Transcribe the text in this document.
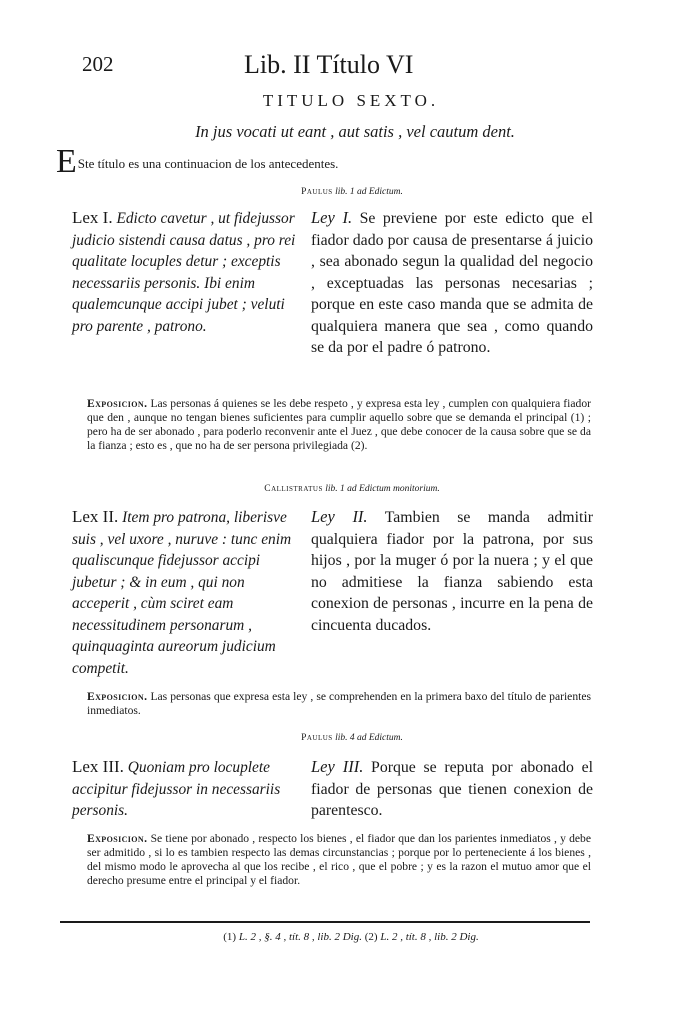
202	Lib. II Título VI
TITULO SEXTO.
In jus vocati ut eant , aut satis , vel cautum dent.
ESte título es una continuacion de los antecedentes.
Paulus lib. 1 ad Edictum.
Lex I. Edicto cavetur , ut fidejussor judicio sistendi causa datus , pro rei qualitate locuples detur ; exceptis necessariis personis. Ibi enim qualemcunque accipi jubet ; veluti pro parente , patrono.
Ley I. Se previene por este edicto que el fiador dado por causa de presentarse á juicio , sea abonado segun la qualidad del negocio , exceptuadas las personas necesarias ; porque en este caso manda que se admita de qualquiera manera que sea , como quando se da por el padre ó patrono.
Exposicion. Las personas á quienes se les debe respeto , y expresa esta ley , cumplen con qualquiera fiador que den , aunque no tengan bienes suficientes para cumplir aquello sobre que se demanda el principal (1) ; pero ha de ser abonado , para poderlo reconvenir ante el Juez , que debe conocer de la causa sobre que se da la fianza ; esto es , que no ha de ser persona privilegiada (2).
Callistratus lib. 1 ad Edictum monitorium.
Lex II. Item pro patrona, liberisve suis , vel uxore , nuruve : tunc enim qualiscunque fidejussor accipi jubetur ; & in eum , qui non acceperit , cùm sciret eam necessitudinem personarum , quinquaginta aureorum judicium competit.
Ley II. Tambien se manda admitir qualquiera fiador por la patrona, por sus hijos , por la muger ó por la nuera ; y el que no admitiese la fianza sabiendo esta conexion de personas , incurre en la pena de cincuenta ducados.
Exposicion. Las personas que expresa esta ley , se comprehenden en la primera baxo del título de parientes inmediatos.
Paulus lib. 4 ad Edictum.
Lex III. Quoniam pro locuplete accipitur fidejussor in necessariis personis.
Ley III. Porque se reputa por abonado el fiador de personas que tienen conexion de parentesco.
Exposicion. Se tiene por abonado , respecto los bienes , el fiador que dan los parientes inmediatos , y debe ser admitido , si lo es tambien respecto las demas circunstancias ; porque por lo perteneciente á los bienes , del mismo modo le aprovecha al que los recibe , el rico , que el pobre ; y es la razon el mutuo amor que el derecho presume entre el principal y el fiador.
(1) L. 2 , §. 4 , tít. 8 , lib. 2 Dig. (2) L. 2 , tít. 8 , lib. 2 Dig.
